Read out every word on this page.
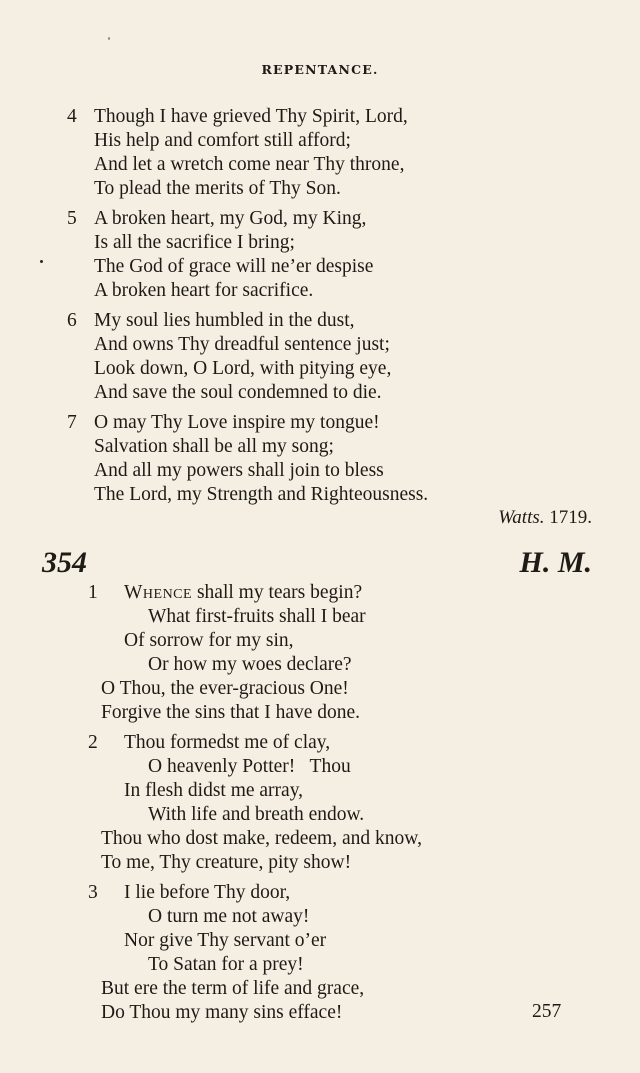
REPENTANCE.
4 Though I have grieved Thy Spirit, Lord,
His help and comfort still afford;
And let a wretch come near Thy throne,
To plead the merits of Thy Son.
5 A broken heart, my God, my King,
Is all the sacrifice I bring;
The God of grace will ne’er despise
A broken heart for sacrifice.
6 My soul lies humbled in the dust,
And owns Thy dreadful sentence just;
Look down, O Lord, with pitying eye,
And save the soul condemned to die.
7 O may Thy Love inspire my tongue!
Salvation shall be all my song;
And all my powers shall join to bless
The Lord, my Strength and Righteousness.
Watts. 1719.
354	H. M.
1 Whence shall my tears begin?
What first-fruits shall I bear
Of sorrow for my sin,
Or how my woes declare?
O Thou, the ever-gracious One!
Forgive the sins that I have done.
2 Thou formedst me of clay,
O heavenly Potter!   Thou
In flesh didst me array,
With life and breath endow.
Thou who dost make, redeem, and know,
To me, Thy creature, pity show!
3 I lie before Thy door,
O turn me not away!
Nor give Thy servant o’er
To Satan for a prey!
But ere the term of life and grace,
Do Thou my many sins efface!	257
